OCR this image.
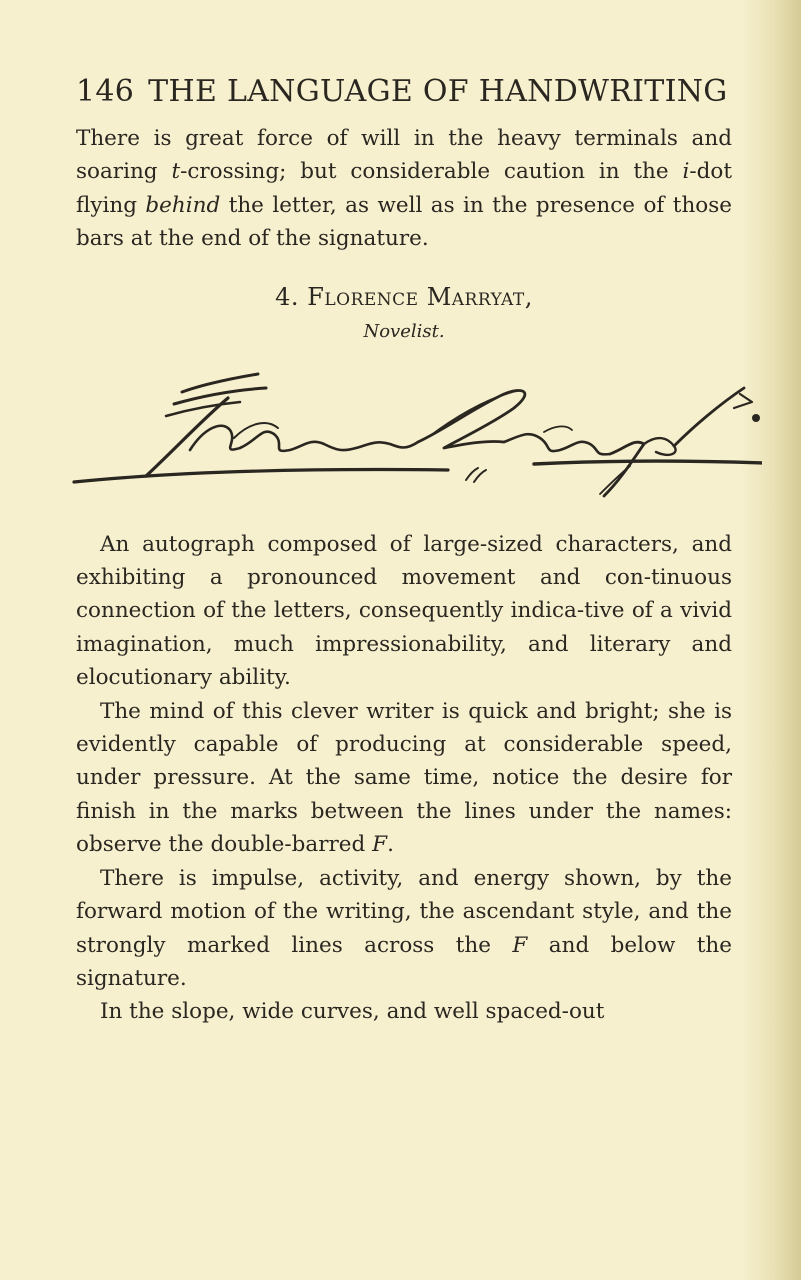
146 THE LANGUAGE OF HANDWRITING

There is great force of will in the heavy terminals and soaring t-crossing; but considerable caution in the i-dot flying behind the letter, as well as in the presence of those bars at the end of the signature.

4. Florence Marryat,
Novelist.

An autograph composed of large-sized characters, and exhibiting a pronounced movement and con-tinuous connection of the letters, consequently indica-tive of a vivid imagination, much impressionability, and literary and elocutionary ability.

The mind of this clever writer is quick and bright; she is evidently capable of producing at considerable speed, under pressure. At the same time, notice the desire for finish in the marks between the lines under the names: observe the double-barred F.

There is impulse, activity, and energy shown, by the forward motion of the writing, the ascendant style, and the strongly marked lines across the F and below the signature.

In the slope, wide curves, and well spaced-out
